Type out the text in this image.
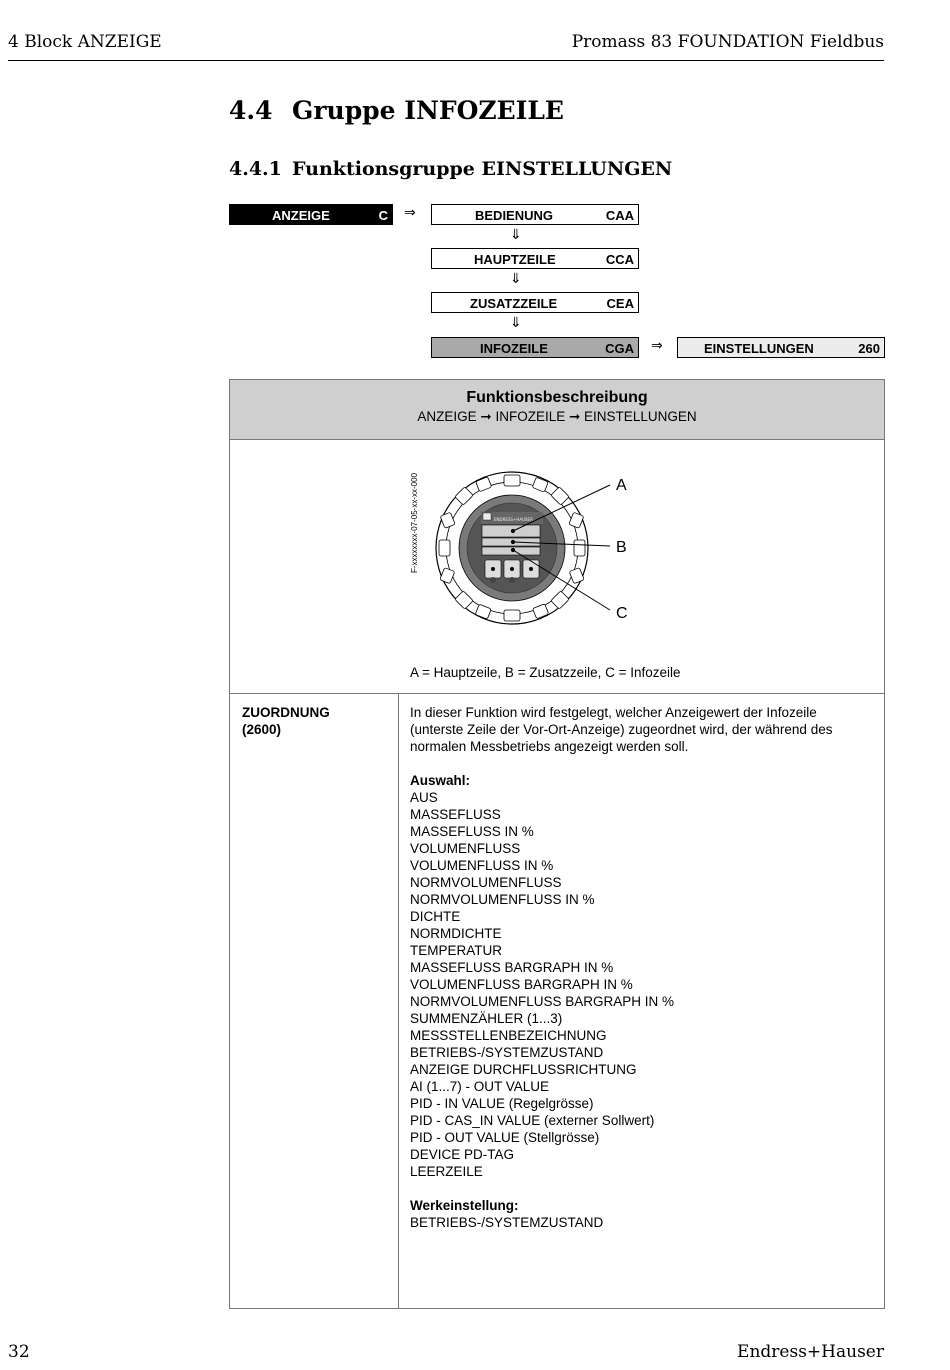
4 Block ANZEIGE	Promass 83 FOUNDATION Fieldbus
4.4 Gruppe INFOZEILE
4.4.1 Funktionsgruppe EINSTELLUNGEN
ANZEIGE	C ⇒	BEDIENUNG	CAA
⇓
HAUPTZEILE	CCA
⇓
ZUSATZZEILE	CEA
⇓
INFOZEILE	CGA ⇒	EINSTELLUNGEN	260
Funktionsbeschreibung
ANZEIGE ➞ INFOZEILE ➞ EINSTELLUNGEN
F-xxxxxxxx-07-05-xx-xx-000	ENDRESS+HAUSER
A
B
C
A = Hauptzeile, B = Zusatzzeile, C = Infozeile
ZUORDNUNG
(2600)
In dieser Funktion wird festgelegt, welcher Anzeigewert der Infozeile (unterste Zeile der Vor-Ort-Anzeige) zugeordnet wird, der während des normalen Messbetriebs angezeigt werden soll.
Auswahl:
AUS
MASSEFLUSS
MASSEFLUSS IN %
VOLUMENFLUSS
VOLUMENFLUSS IN %
NORMVOLUMENFLUSS
NORMVOLUMENFLUSS IN %
DICHTE
NORMDICHTE
TEMPERATUR
MASSEFLUSS BARGRAPH IN %
VOLUMENFLUSS BARGRAPH IN %
NORMVOLUMENFLUSS BARGRAPH IN %
SUMMENZÄHLER (1...3)
MESSSTELLENBEZEICHNUNG
BETRIEBS-/SYSTEMZUSTAND
ANZEIGE DURCHFLUSSRICHTUNG
AI (1...7) - OUT VALUE
PID - IN VALUE (Regelgrösse)
PID - CAS_IN VALUE (externer Sollwert)
PID - OUT VALUE (Stellgrösse)
DEVICE PD-TAG
LEERZEILE
Werkeinstellung:
BETRIEBS-/SYSTEMZUSTAND
32	Endress+Hauser
